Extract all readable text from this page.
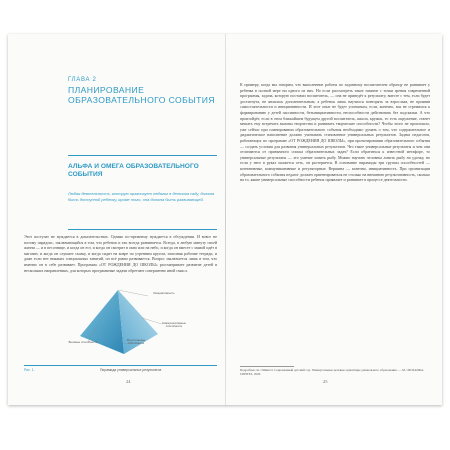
ГЛАВА 2
ПЛАНИРОВАНИЕ ОБРАЗОВАТЕЛЬНОГО СОБЫТИЯ
АЛЬФА И ОМЕГА ОБРАЗОВАТЕЛЬНОГО СОБЫТИЯ
Любая деятельность, которую организует педагог в детском саду, должна быть доступной ребенку, кроме того, она должна быть развивающей.

Этот постулат не нуждается в доказательствах. Однако по-прежнему нуждается в обсуждении. И вовсе не потому парадокс, заключающийся в том, что ребенок и так всегда развивается. Всегда, в любую минуту своей жизни — и в песочнице, и когда он ест, и когда он смотрит в окно или на небо, и когда он вместе с мамой идёт в магазин, и когда он слушает сказку, и когда сидит на ковре по утренним кругом, заполняя рабочие тетради, и даже если нет никаких специальных занятий, он всё равно развивается. Вопрос заключается лишь в том, что именно он в себе развивает. Программа «ОТ РОЖДЕНИЯ ДО ШКОЛЫ» рассматривает развитие детей в нескольких направлениях, для которых программные задачи обретают совершенно иной смысл.

Инициативность
Волевые способности
Коммуникативные способности
Регуляторные способности
Рис. 1.	Пирамида универсальных результатов
24

К примеру, когда мы говорим, что выполнение работы по заданному воспитателем образцу не развивает у ребенка в полной мере ни одного из них. Но если рассмотреть такое занятие с точки зрения современной программы, задача, которую поставил воспитатель, — она не приведёт к результату, вместе с тем, если будет достигнута, не являлась дополнительным, а ребенок лишь научился повторять за взрослым, не проявив самостоятельности и инициативности. И этот опыт не будет успешным, если, конечно, мы не стремимся к формированию у детей пассивности, безынициативности, неспособности действовать без подсказки. А что произойдёт, если в этом ближайшем будущем другой воспитатель, школа, кружок, то есть окружение, станет мешать ему встречать вызовы творчества и развивать творческие способности? Чтобы этого не произошло, уже сейчас при планировании образовательного события необходимо думать о том, что содержательное и дидактическое наполнение должно учитывать становление универсальных результатов. Задача педагогов, работающих по программе «ОТ РОЖДЕНИЯ ДО ШКОЛЫ», при проектировании образовательного события — создать условия для развития универсальных результатов. Что такое универсальные результаты и чем они отличаются от привычного списка образовательных задач? Если обратиться к известной метафоре, то универсальные результаты — это умение ловить рыбу. Можно научить человека ловить рыбу на удочку, но если у него в руках окажется сеть, он растеряется. В основание пирамиды три группы способностей — когнитивные, коммуникативные и регуляторные. Вершина — конечно, инициативность. При организации образовательного события педагог должен ориентироваться не столько на внешнюю результативность, сколько на то, какие универсальные способности ребенок проявляет и развивает в процессе деятельности.

Подробнее см.: Шиян О. Современный детский сад. Универсальные целевые ориентиры дошкольного образования. — М.: МОЗАИКА-СИНТЕЗ, 2020.

25
